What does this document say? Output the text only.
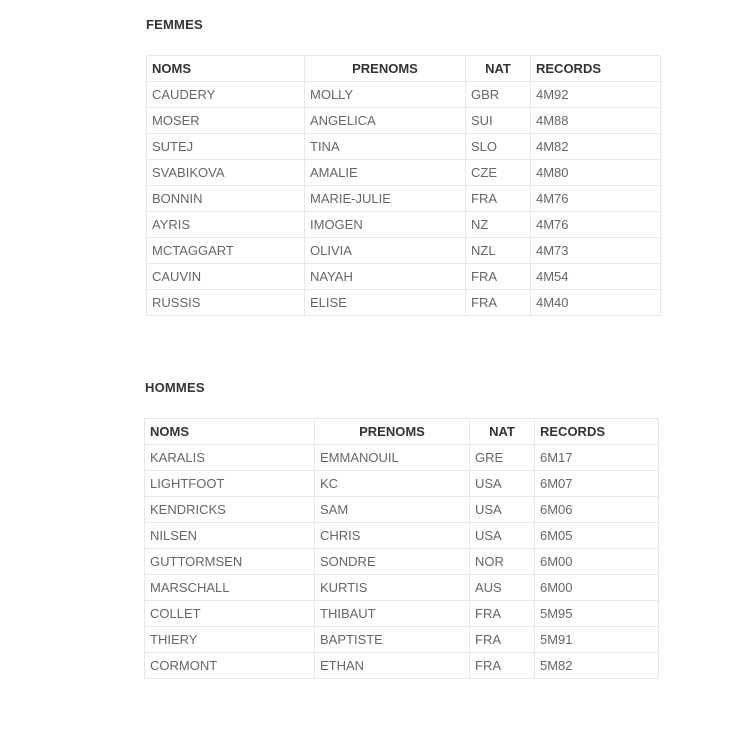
FEMMES
NOMS	PRENOMS	NAT	RECORDS
CAUDERY	MOLLY	GBR	4M92
MOSER	ANGELICA	SUI	4M88
SUTEJ	TINA	SLO	4M82
SVABIKOVA	AMALIE	CZE	4M80
BONNIN	MARIE-JULIE	FRA	4M76
AYRIS	IMOGEN	NZ	4M76
MCTAGGART	OLIVIA	NZL	4M73
CAUVIN	NAYAH	FRA	4M54
RUSSIS	ELISE	FRA	4M40
HOMMES
NOMS	PRENOMS	NAT	RECORDS
KARALIS	EMMANOUIL	GRE	6M17
LIGHTFOOT	KC	USA	6M07
KENDRICKS	SAM	USA	6M06
NILSEN	CHRIS	USA	6M05
GUTTORMSEN	SONDRE	NOR	6M00
MARSCHALL	KURTIS	AUS	6M00
COLLET	THIBAUT	FRA	5M95
THIERY	BAPTISTE	FRA	5M91
CORMONT	ETHAN	FRA	5M82
